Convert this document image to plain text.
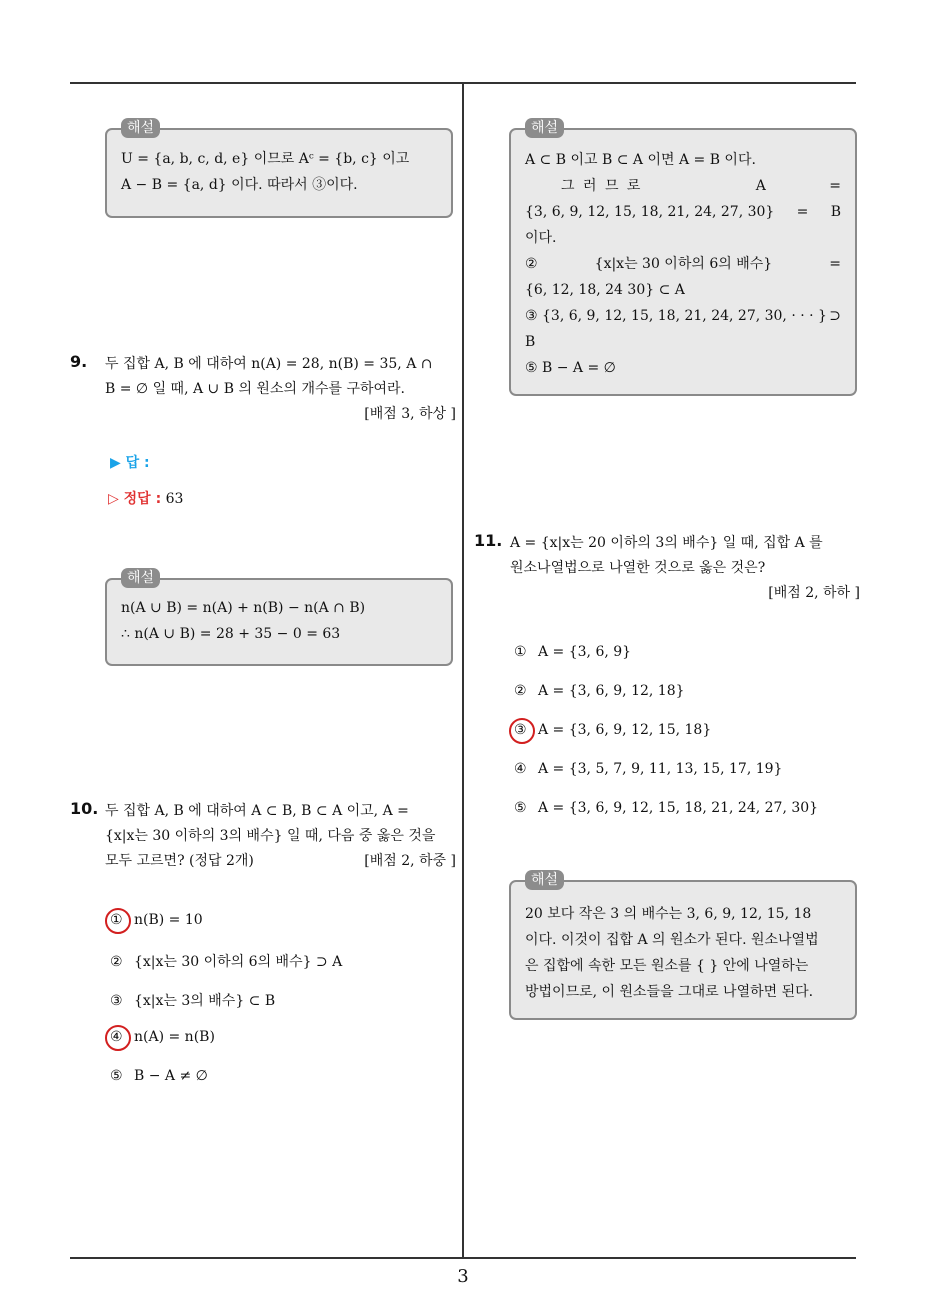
해설
U = {a, b, c, d, e} 이므로 Aᶜ = {b, c} 이고
A − B = {a, d} 이다. 따라서 ③이다.
9. 두 집합 A, B 에 대하여 n(A) = 28, n(B) = 35, A ∩
B = ∅ 일 때, A ∪ B 의 원소의 개수를 구하여라.
[배점 3, 하상 ]
▶ 답 :
▷ 정답 : 63
해설
n(A ∪ B) = n(A) + n(B) − n(A ∩ B)
∴ n(A ∪ B) = 28 + 35 − 0 = 63
10. 두 집합 A, B 에 대하여 A ⊂ B, B ⊂ A 이고, A =
{x|x는 30 이하의 3의 배수} 일 때, 다음 중 옳은 것을
모두 고르면? (정답 2개)	[배점 2, 하중 ]
① n(B) = 10
② {x|x는 30 이하의 6의 배수} ⊃ A
③ {x|x는 3의 배수} ⊂ B
④ n(A) = n(B)
⑤ B − A ≠ ∅
해설
A ⊂ B 이고 B ⊂ A 이면 A = B 이다.
그 러 므 로	A	=
{3, 6, 9, 12, 15, 18, 21, 24, 27, 30} = B
이다.
②	{x|x는 30 이하의 6의 배수}	=
{6, 12, 18, 24 30} ⊂ A
③ {3, 6, 9, 12, 15, 18, 21, 24, 27, 30, · · · } ⊃
B
⑤ B − A = ∅
11. A = {x|x는 20 이하의 3의 배수} 일 때, 집합 A 를
원소나열법으로 나열한 것으로 옳은 것은?
[배점 2, 하하 ]
① A = {3, 6, 9}
② A = {3, 6, 9, 12, 18}
③ A = {3, 6, 9, 12, 15, 18}
④ A = {3, 5, 7, 9, 11, 13, 15, 17, 19}
⑤ A = {3, 6, 9, 12, 15, 18, 21, 24, 27, 30}
해설
20 보다 작은 3 의 배수는 3, 6, 9, 12, 15, 18
이다. 이것이 집합 A 의 원소가 된다. 원소나열법
은 집합에 속한 모든 원소를 { } 안에 나열하는
방법이므로, 이 원소들을 그대로 나열하면 된다.
3
